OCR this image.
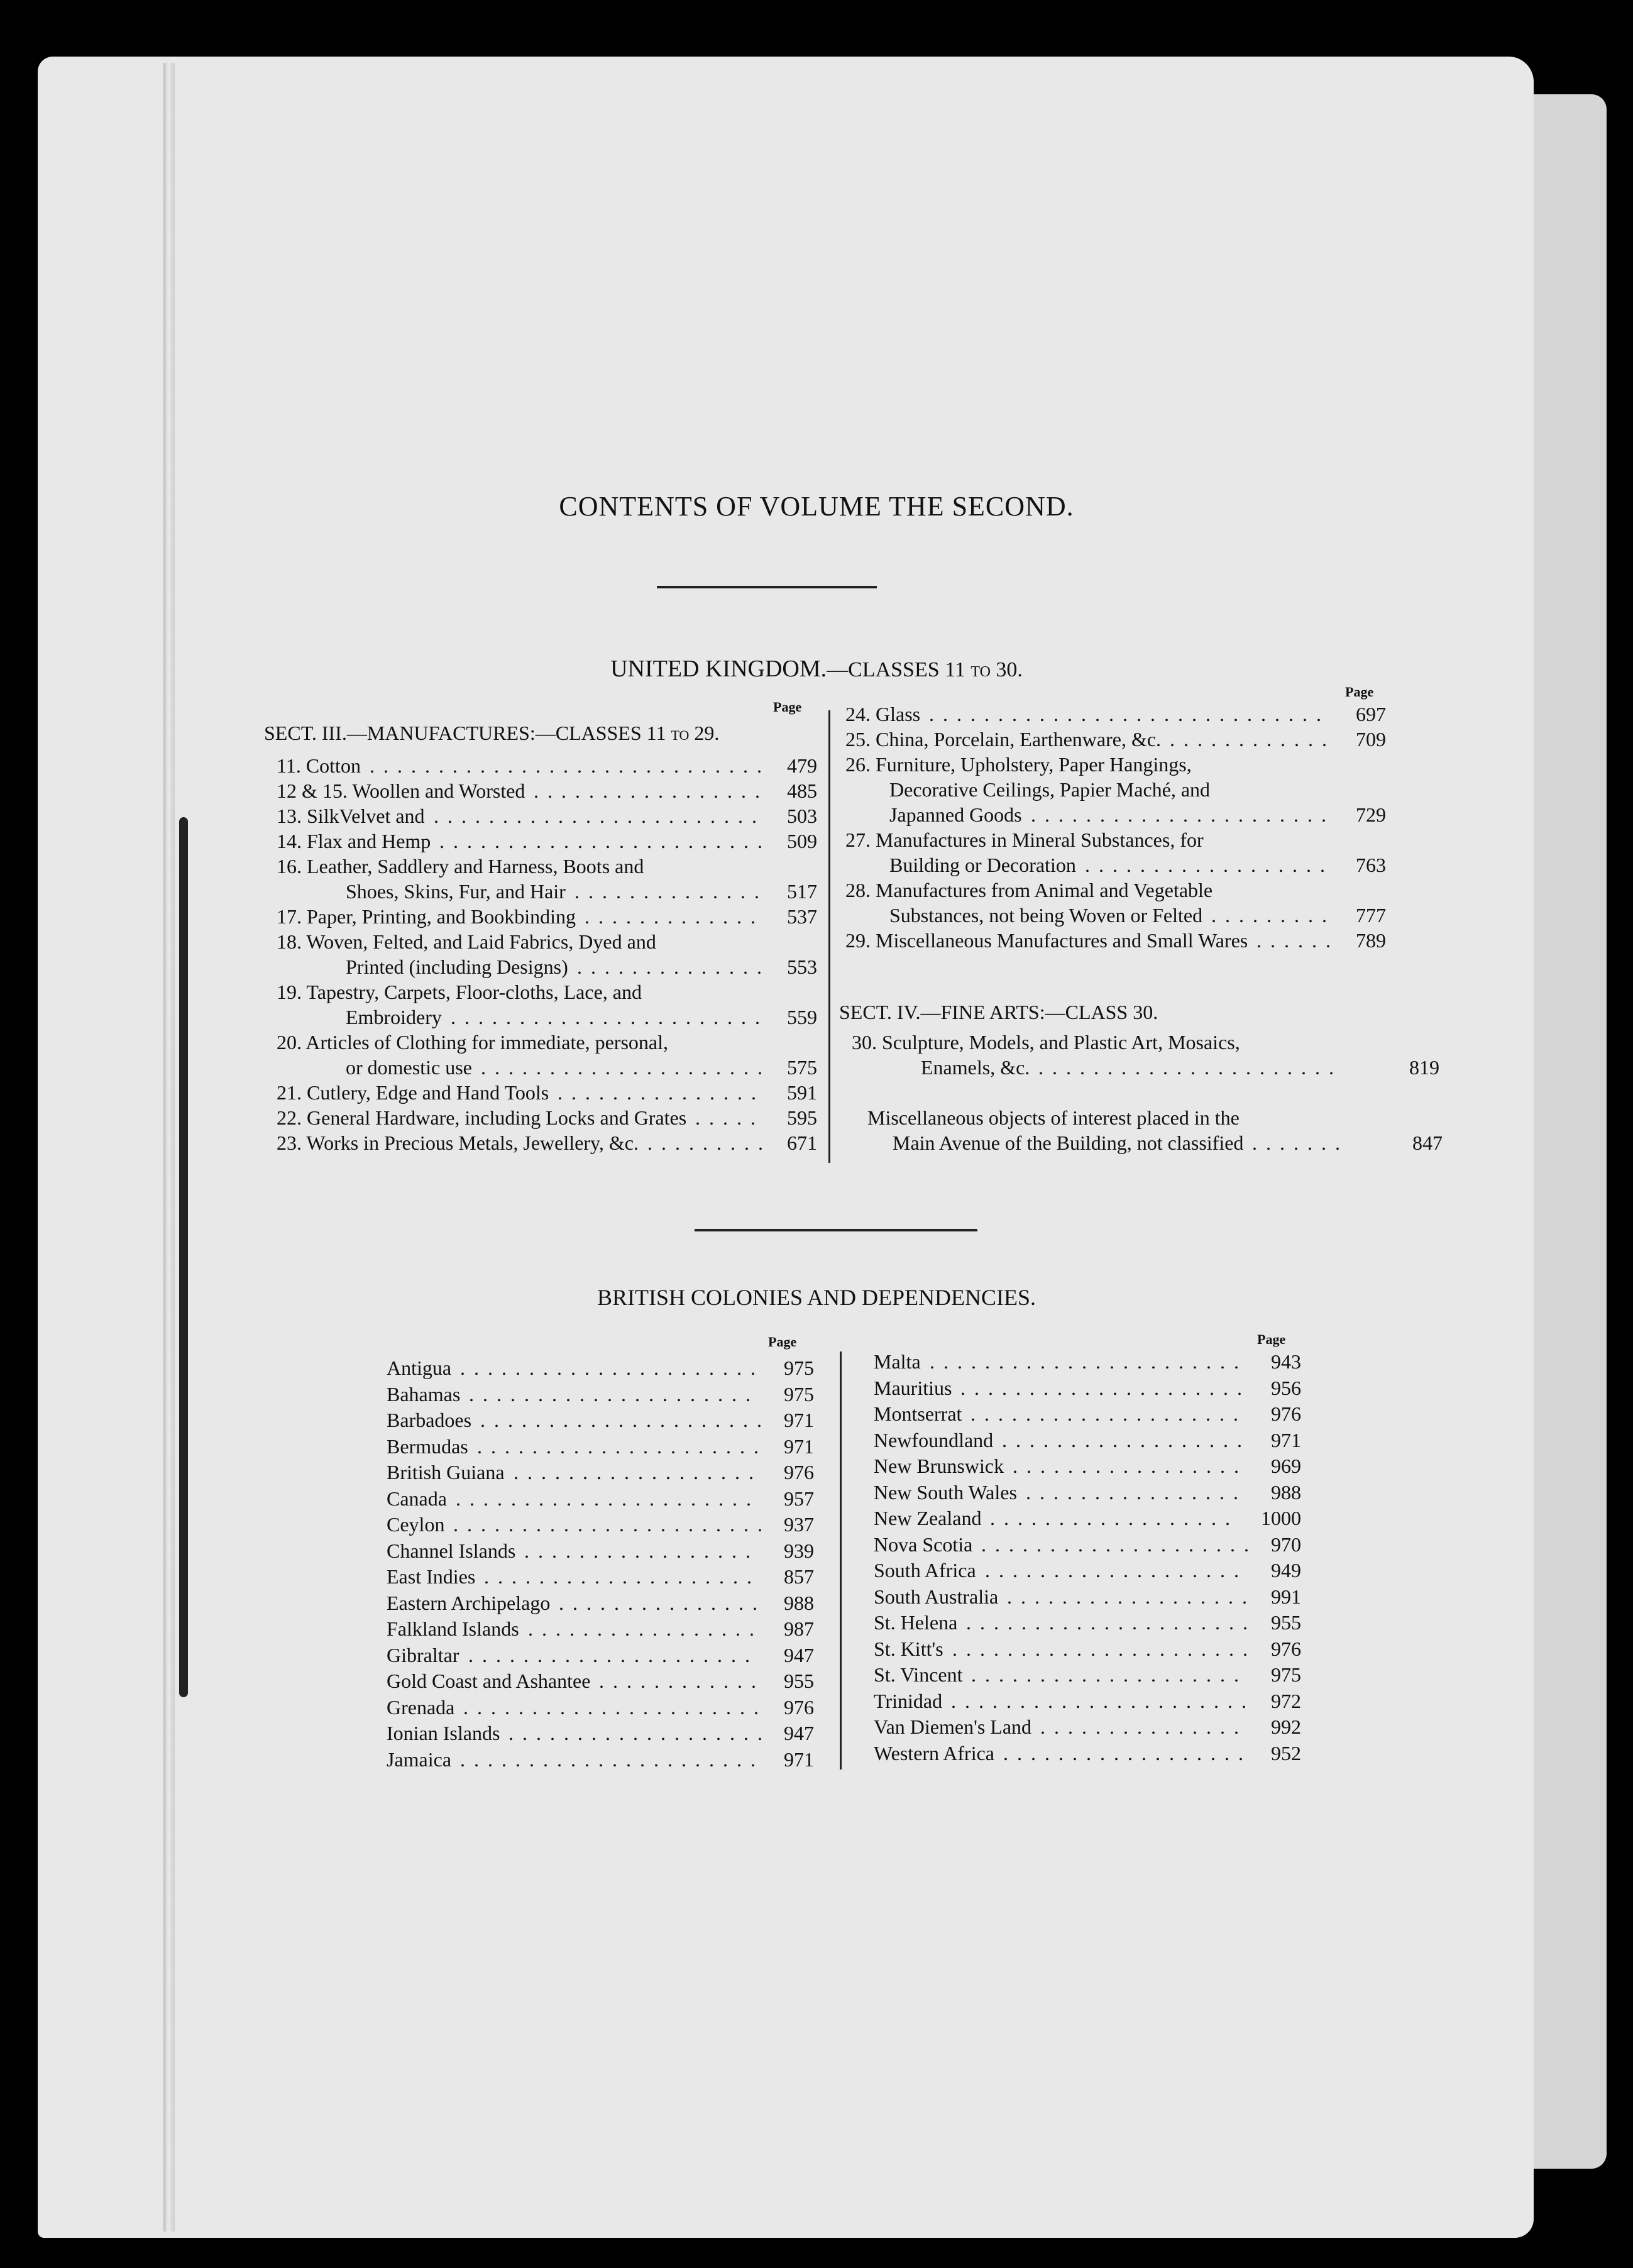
CONTENTS OF VOLUME THE SECOND.
UNITED KINGDOM.—CLASSES 11 to 30.
Page
Page
SECT. III.—MANUFACTURES:—CLASSES 11 to 29.
11. Cotton	479
.............................
12 & 15. Woollen and Worsted	485
.................
13. SilkVelvet and	503
........................
14. Flax and Hemp	509
........................
16. Leather, Saddlery and Harness, Boots and
Shoes, Skins, Fur, and Hair	517
..............
17. Paper, Printing, and Bookbinding	537
.............
18. Woven, Felted, and Laid Fabrics, Dyed and
Printed (including Designs)	553
..............
19. Tapestry, Carpets, Floor-cloths, Lace, and
Embroidery	559
.......................
20. Articles of Clothing for immediate, personal,
or domestic use	575
.....................
21. Cutlery, Edge and Hand Tools	591
...............
22. General Hardware, including Locks and Grates	595
.....
23. Works in Precious Metals, Jewellery, &c.	671
.........
24. Glass	697
.............................
25. China, Porcelain, Earthenware, &c.	709
............
26. Furniture, Upholstery, Paper Hangings,
Decorative Ceilings, Papier Maché, and
Japanned Goods	729
......................
27. Manufactures in Mineral Substances, for
Building or Decoration	763
..................
28. Manufactures from Animal and Vegetable
Substances, not being Woven or Felted	777
.........
29. Miscellaneous Manufactures and Small Wares	789
......
SECT. IV.—FINE ARTS:—CLASS 30.
30. Sculpture, Models, and Plastic Art, Mosaics,
Enamels, &c.	819
......................
Miscellaneous objects of interest placed in the
Main Avenue of the Building, not classified	847
.......
BRITISH COLONIES AND DEPENDENCIES.
Page	Page
Antigua	975
......................
Bahamas	975
.....................
Barbadoes	971
.....................
Bermudas	971
.....................
British Guiana	976
..................
Canada	957
......................
Ceylon	937
.......................
Channel Islands	939
.................
East Indies	857
....................
Eastern Archipelago	988
...............
Falkland Islands	987
.................
Gibraltar	947
.....................
Gold Coast and Ashantee	955
............
Grenada	976
......................
Ionian Islands	947
...................
Jamaica	971
......................
Malta	943
.......................
Mauritius	956
.....................
Montserrat	976
....................
Newfoundland	971
..................
New Brunswick	969
.................
New South Wales	988
................
New Zealand	1000
..................
Nova Scotia	970
....................
South Africa	949
...................
South Australia	991
..................
St. Helena	955
.....................
St. Kitt's	976
......................
St. Vincent	975
....................
Trinidad	972
......................
Van Diemen's Land	992
...............
Western Africa	952
..................
